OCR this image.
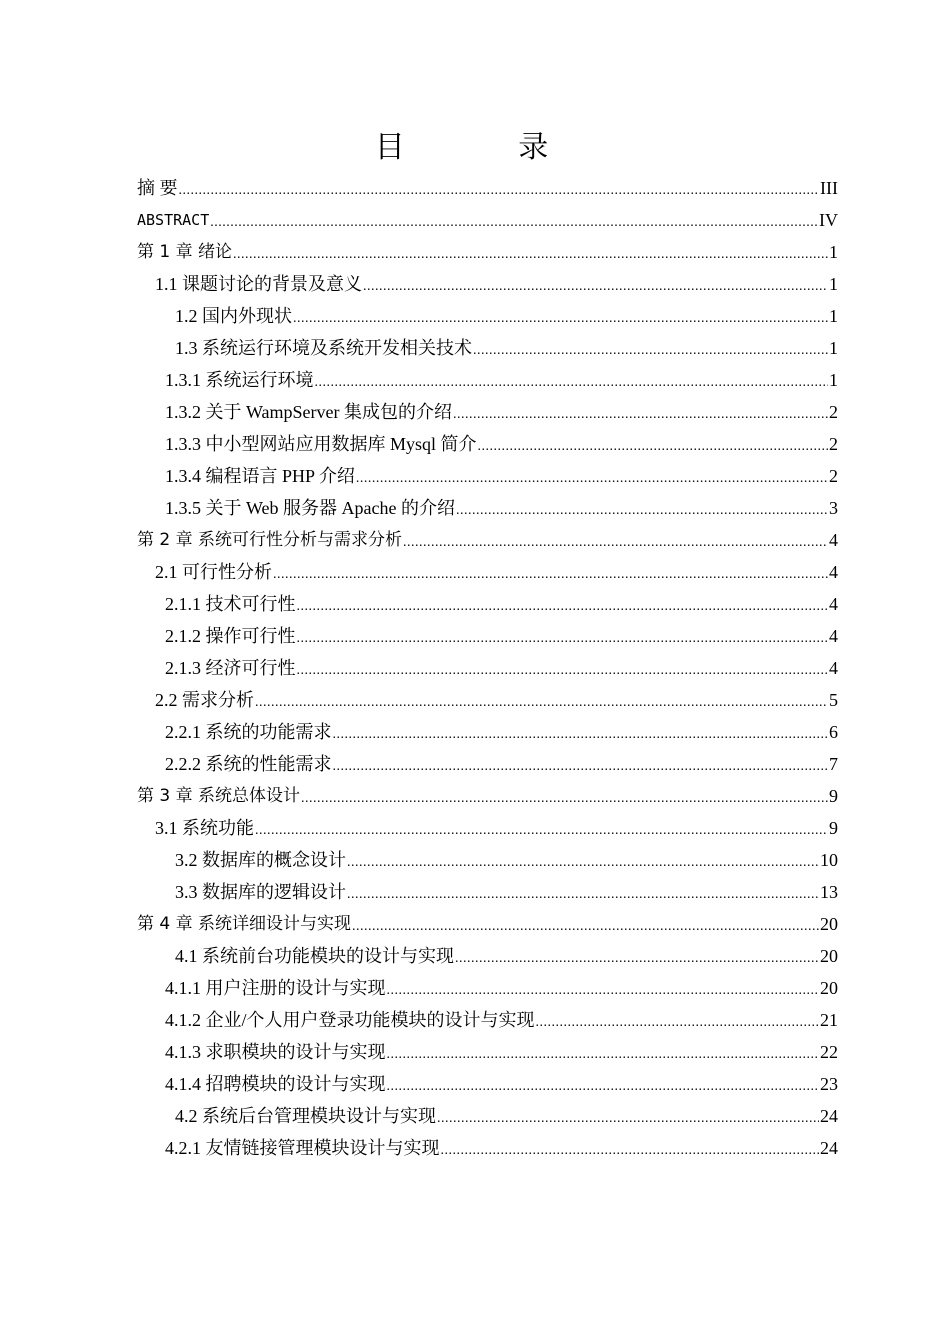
目 录
摘 要 .....	III
ABSTRACT .....	IV
第 1 章 绪论 .....	1
1.1 课题讨论的背景及意义 .....	1
1.2 国内外现状 .....	1
1.3 系统运行环境及系统开发相关技术 .....	1
1.3.1 系统运行环境 .....	1
1.3.2 关于 WampServer 集成包的介绍 .....	2
1.3.3 中小型网站应用数据库 Mysql 简介 .....	2
1.3.4 编程语言 PHP 介绍 .....	2
1.3.5 关于 Web 服务器 Apache 的介绍 .....	3
第 2 章 系统可行性分析与需求分析 .....	4
2.1 可行性分析 .....	4
2.1.1 技术可行性 .....	4
2.1.2 操作可行性 .....	4
2.1.3 经济可行性 .....	4
2.2 需求分析 .....	5
2.2.1 系统的功能需求 .....	6
2.2.2 系统的性能需求 .....	7
第 3 章 系统总体设计 .....	9
3.1 系统功能 .....	9
3.2 数据库的概念设计 .....	10
3.3 数据库的逻辑设计 .....	13
第 4 章 系统详细设计与实现 .....	20
4.1 系统前台功能模块的设计与实现 .....	20
4.1.1 用户注册的设计与实现 .....	20
4.1.2 企业/个人用户登录功能模块的设计与实现 .....	21
4.1.3 求职模块的设计与实现 .....	22
4.1.4 招聘模块的设计与实现 .....	23
4.2 系统后台管理模块设计与实现 .....	24
4.2.1 友情链接管理模块设计与实现 .....	24
